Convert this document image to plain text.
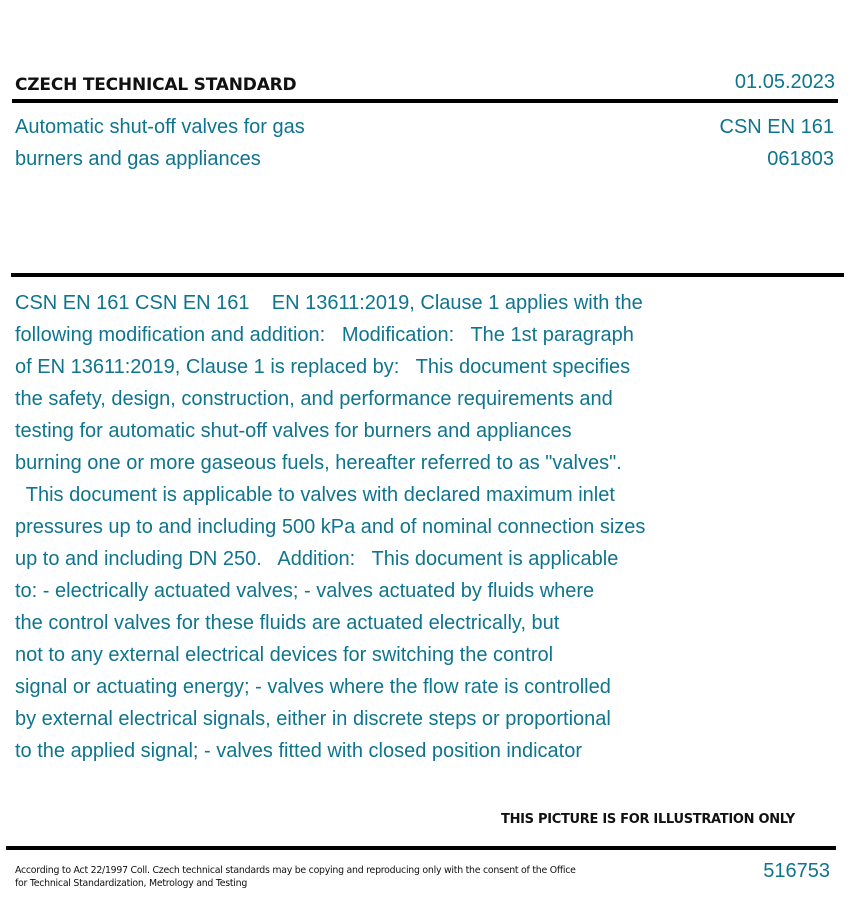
CZECH TECHNICAL STANDARD	01.05.2023
Automatic shut-off valves for gas
burners and gas appliances
CSN EN 161
061803
CSN EN 161 CSN EN 161    EN 13611:2019, Clause 1 applies with the
following modification and addition:   Modification:   The 1st paragraph
of EN 13611:2019, Clause 1 is replaced by:   This document specifies
the safety, design, construction, and performance requirements and
testing for automatic shut-off valves for burners and appliances
burning one or more gaseous fuels, hereafter referred to as "valves".
This document is applicable to valves with declared maximum inlet
pressures up to and including 500 kPa and of nominal connection sizes
up to and including DN 250.   Addition:   This document is applicable
to: - electrically actuated valves; - valves actuated by fluids where
the control valves for these fluids are actuated electrically, but
not to any external electrical devices for switching the control
signal or actuating energy; - valves where the flow rate is controlled
by external electrical signals, either in discrete steps or proportional
to the applied signal; - valves fitted with closed position indicator
THIS PICTURE IS FOR ILLUSTRATION ONLY
According to Act 22/1997 Coll. Czech technical standards may be copying and reproducing only with the consent of the Office
for Technical Standardization, Metrology and Testing
516753
